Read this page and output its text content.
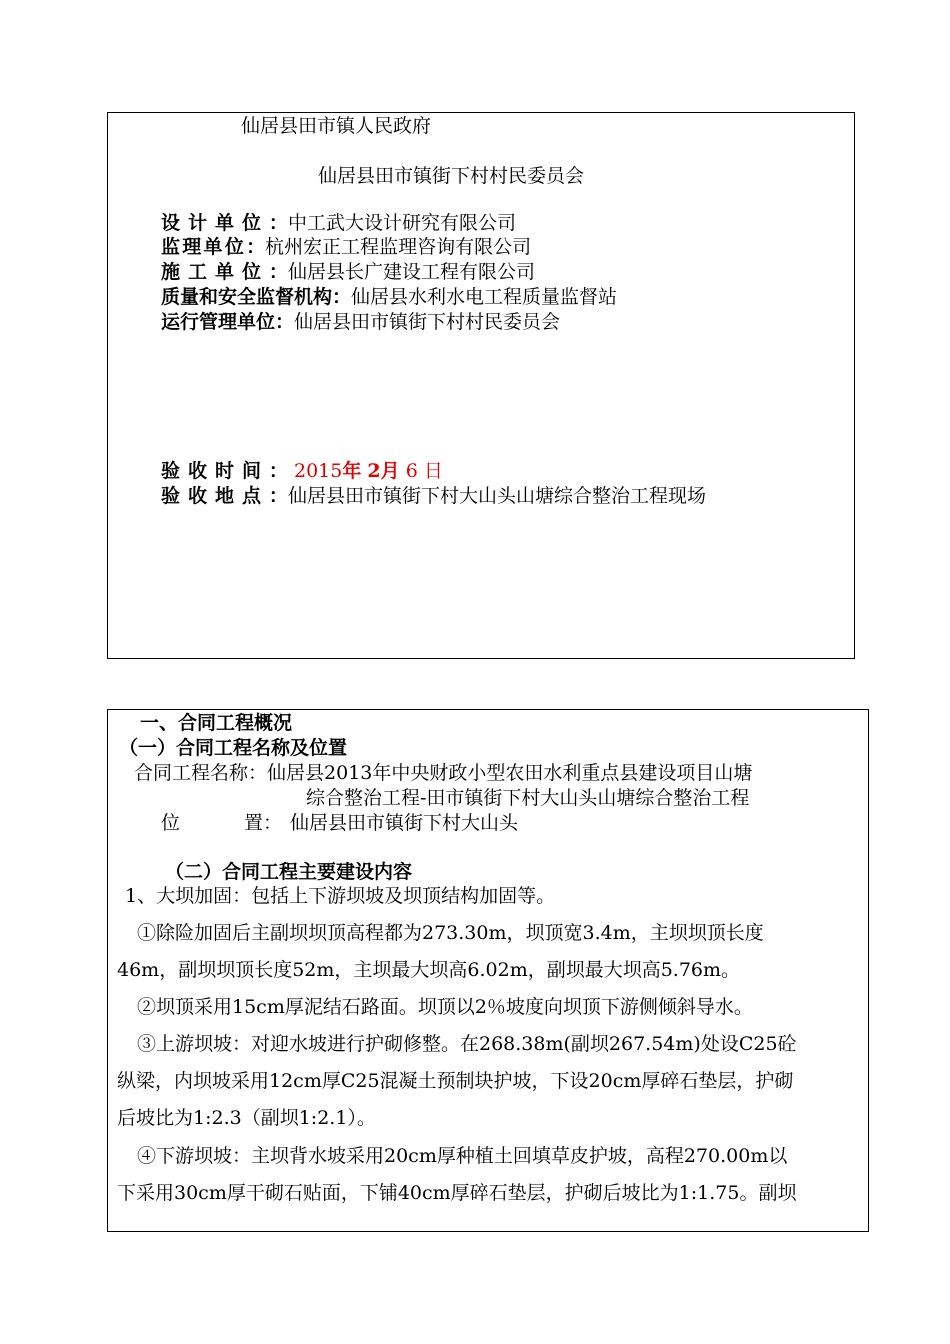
仙居县田市镇人民政府
仙居县田市镇街下村村民委员会
设计单位：中工武大设计研究有限公司
监理单位：杭州宏正工程监理咨询有限公司
施工单位：仙居县长广建设工程有限公司
质量和安全监督机构：仙居县水利水电工程质量监督站
运行管理单位：仙居县田市镇街下村村民委员会
验收时间： 2015年 2月 6 日
验收地点：仙居县田市镇街下村大山头山塘综合整治工程现场
一、合同工程概况
（一）合同工程名称及位置
合同工程名称：仙居县2013年中央财政小型农田水利重点县建设项目山塘
综合整治工程-田市镇街下村大山头山塘综合整治工程
位	置： 仙居县田市镇街下村大山头
（二）合同工程主要建设内容
1、大坝加固：包括上下游坝坡及坝顶结构加固等。
①除险加固后主副坝坝顶高程都为273.30m，坝顶宽3.4m，主坝坝顶长度
46m，副坝坝顶长度52m，主坝最大坝高6.02m，副坝最大坝高5.76m。
②坝顶采用15cm厚泥结石路面。坝顶以2％坡度向坝顶下游侧倾斜导水。
③上游坝坡：对迎水坡进行护砌修整。在268.38m(副坝267.54m)处设C25砼
纵梁，内坝坡采用12cm厚C25混凝土预制块护坡，下设20cm厚碎石垫层，护砌
后坡比为1:2.3（副坝1:2.1）。
④下游坝坡：主坝背水坡采用20cm厚种植土回填草皮护坡，高程270.00m以
下采用30cm厚干砌石贴面，下铺40cm厚碎石垫层，护砌后坡比为1:1.75。副坝
